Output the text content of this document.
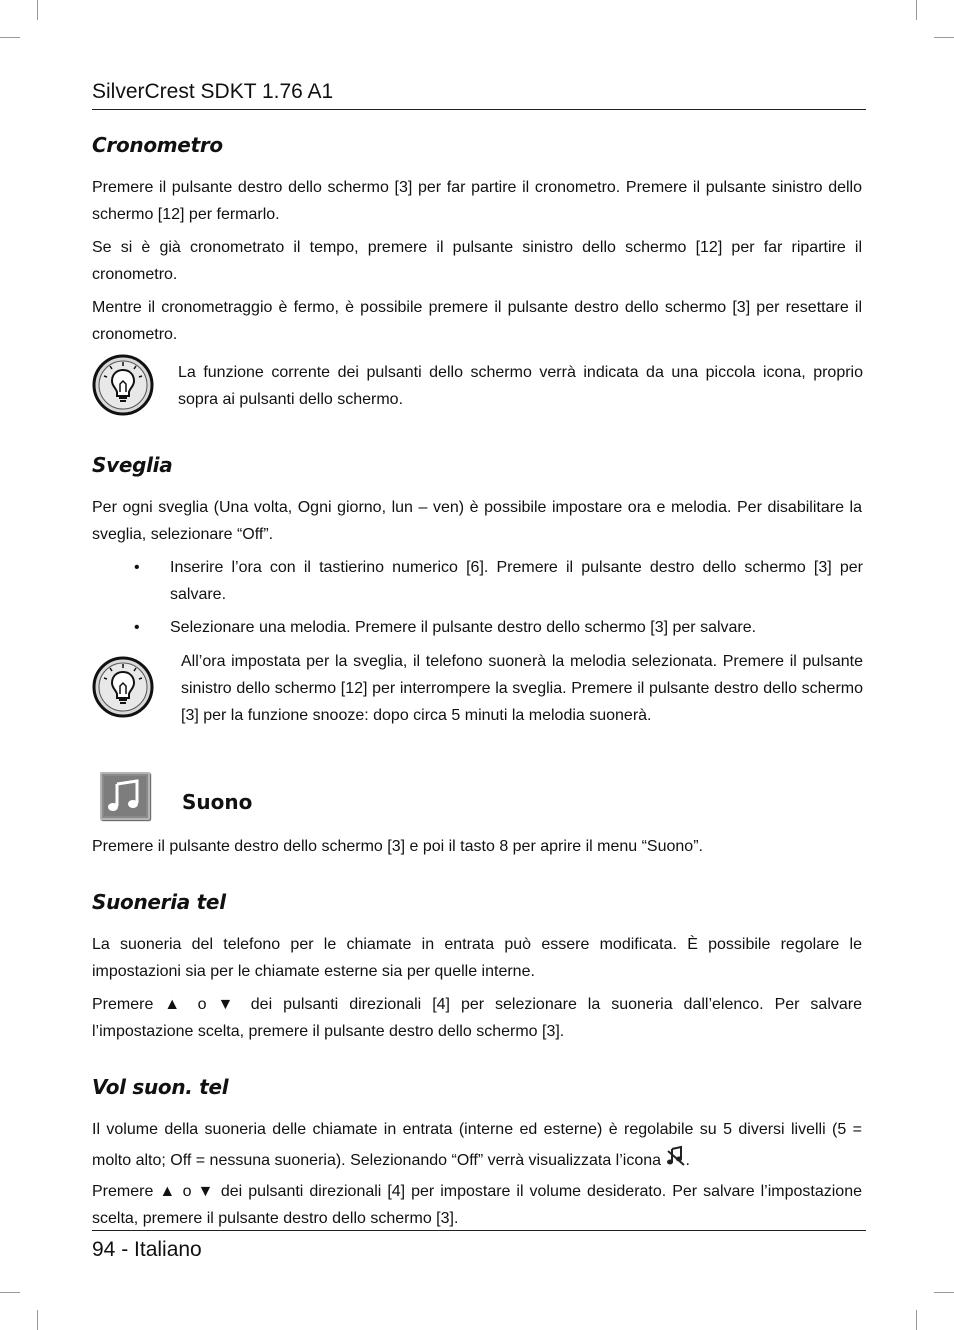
SilverCrest SDKT 1.76 A1
Cronometro

Premere il pulsante destro dello schermo [3] per far partire il cronometro. Premere il pulsante sinistro dello schermo [12] per fermarlo.

Se si è già cronometrato il tempo, premere il pulsante sinistro dello schermo [12] per far ripartire il cronometro.

Mentre il cronometraggio è fermo, è possibile premere il pulsante destro dello schermo [3] per resettare il cronometro.

La funzione corrente dei pulsanti dello schermo verrà indicata da una piccola icona, proprio sopra ai pulsanti dello schermo.

Sveglia

Per ogni sveglia (Una volta, Ogni giorno, lun – ven) è possibile impostare ora e melodia. Per disabilitare la sveglia, selezionare “Off”.

• Inserire l’ora con il tastierino numerico [6]. Premere il pulsante destro dello schermo [3] per salvare.

• Selezionare una melodia. Premere il pulsante destro dello schermo [3] per salvare.

All’ora impostata per la sveglia, il telefono suonerà la melodia selezionata. Premere il pulsante sinistro dello schermo [12] per interrompere la sveglia. Premere il pulsante destro dello schermo [3] per la funzione snooze: dopo circa 5 minuti la melodia suonerà.

Suono

Premere il pulsante destro dello schermo [3] e poi il tasto 8 per aprire il menu “Suono”.

Suoneria tel

La suoneria del telefono per le chiamate in entrata può essere modificata. È possibile regolare le impostazioni sia per le chiamate esterne sia per quelle interne.

Premere ▲ o ▼ dei pulsanti direzionali [4] per selezionare la suoneria dall’elenco. Per salvare l’impostazione scelta, premere il pulsante destro dello schermo [3].

Vol suon. tel

Il volume della suoneria delle chiamate in entrata (interne ed esterne) è regolabile su 5 diversi livelli (5 = molto alto; Off = nessuna suoneria). Selezionando “Off” verrà visualizzata l’icona .

Premere ▲ o ▼ dei pulsanti direzionali [4] per impostare il volume desiderato. Per salvare l’impostazione scelta, premere il pulsante destro dello schermo [3].

94 - Italiano
